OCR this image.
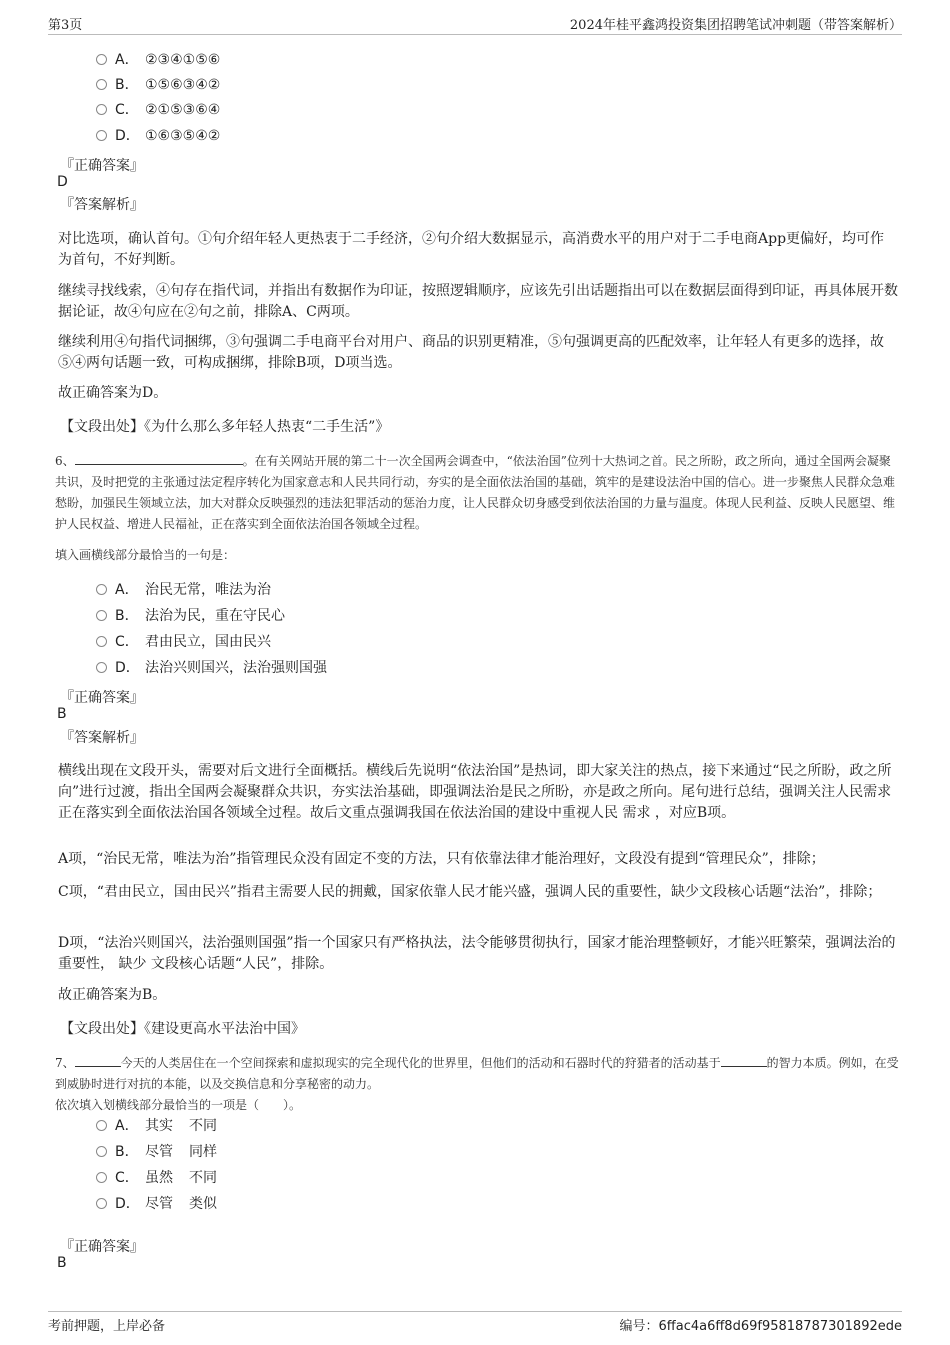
第3页	2024年桂平鑫鸿投资集团招聘笔试冲刺题（带答案解析）
A． ②③④①⑤⑥
B． ①⑤⑥③④②
C． ②①⑤③⑥④
D． ①⑥③⑤④②
『正确答案』
D
『答案解析』
对比选项，确认首句。①句介绍年轻人更热衷于二手经济，②句介绍大数据显示，高消费水平的用户对于二手电商App更偏好，均可作为首句，不好判断。
继续寻找线索，④句存在指代词，并指出有数据作为印证，按照逻辑顺序，应该先引出话题指出可以在数据层面得到印证，再具体展开数据论证，故④句应在②句之前，排除A、C两项。
继续利用④句指代词捆绑，③句强调二手电商平台对用户、商品的识别更精准，⑤句强调更高的匹配效率，让年轻人有更多的选择，故⑤④两句话题一致，可构成捆绑，排除B项，D项当选。
故正确答案为D。
【文段出处】《为什么那么多年轻人热衷“二手生活”》
6、	。在有关网站开展的第二十一次全国两会调查中，“依法治国”位列十大热词之首。民之所盼，政之所向，通过全国两会凝聚共识，及时把党的主张通过法定程序转化为国家意志和人民共同行动，夯实的是全面依法治国的基础，筑牢的是建设法治中国的信心。进一步聚焦人民群众急难愁盼，加强民生领域立法，加大对群众反映强烈的违法犯罪活动的惩治力度，让人民群众切身感受到依法治国的力量与温度。体现人民利益、反映人民愿望、维护人民权益、增进人民福祉，正在落实到全面依法治国各领域全过程。
填入画横线部分最恰当的一句是：
A． 治民无常，唯法为治
B． 法治为民，重在守民心
C． 君由民立，国由民兴
D． 法治兴则国兴，法治强则国强
『正确答案』
B
『答案解析』
横线出现在文段开头，需要对后文进行全面概括。横线后先说明“依法治国”是热词，即大家关注的热点，接下来通过“民之所盼，政之所向”进行过渡，指出全国两会凝聚群众共识，夯实法治基础，即强调法治是民之所盼，亦是政之所向。尾句进行总结，强调关注人民需求正在落实到全面依法治国各领域全过程。故后文重点强调我国在依法治国的建设中重视人民 需求 ，对应B项。
A项，“治民无常，唯法为治”指管理民众没有固定不变的方法，只有依靠法律才能治理好，文段没有提到“管理民众”，排除；
C项，“君由民立，国由民兴”指君主需要人民的拥戴，国家依靠人民才能兴盛，强调人民的重要性，缺少文段核心话题“法治”，排除；
D项，“法治兴则国兴，法治强则国强”指一个国家只有严格执法，法令能够贯彻执行，国家才能治理整顿好，才能兴旺繁荣，强调法治的重要性， 缺少 文段核心话题“人民”，排除。
故正确答案为B。
【文段出处】《建设更高水平法治中国》
7、	今天的人类居住在一个空间探索和虚拟现实的完全现代化的世界里，但他们的活动和石器时代的狩猎者的活动基于	的智力本质。例如，在受到威胁时进行对抗的本能，以及交换信息和分享秘密的动力。
依次填入划横线部分最恰当的一项是（　　）。
A． 其实 不同
B． 尽管 同样
C． 虽然 不同
D． 尽管 类似
『正确答案』
B
考前押题，上岸必备	编号：6ffac4a6ff8d69f95818787301892ede
